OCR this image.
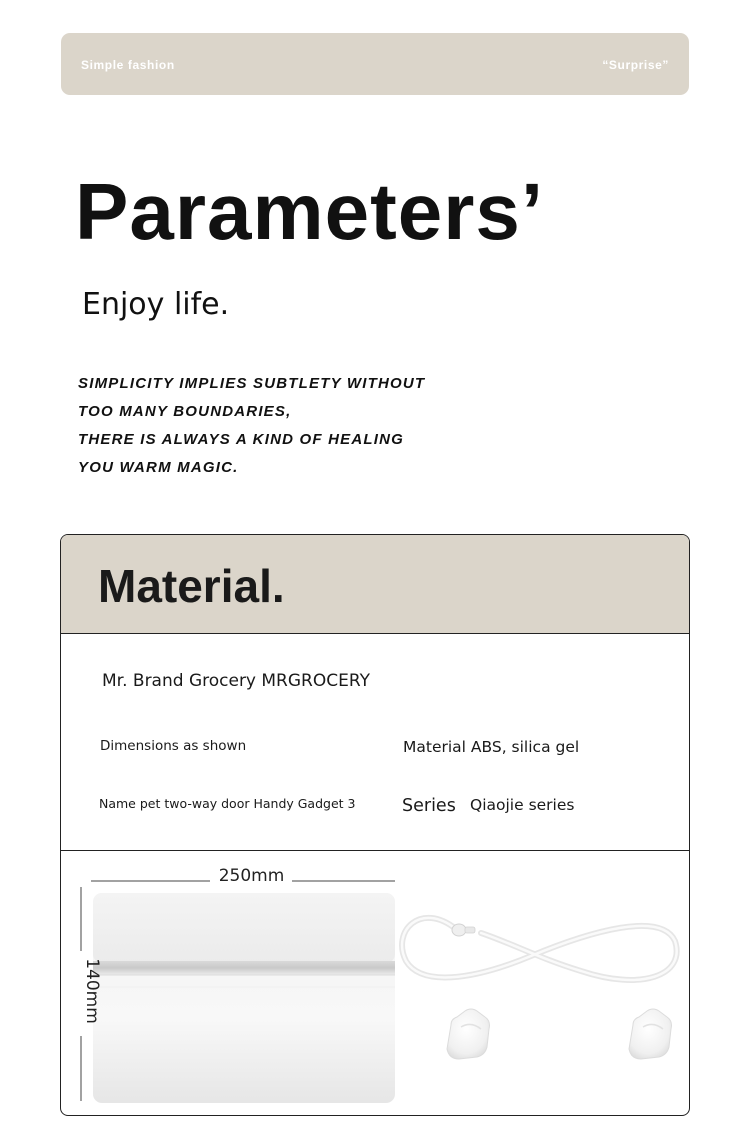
Simple fashion	“Surprise”
Parameters’
Enjoy life.
SIMPLICITY IMPLIES SUBTLETY WITHOUT
TOO MANY BOUNDARIES,
THERE IS ALWAYS A KIND OF HEALING
YOU WARM MAGIC.
Material.
Mr. Brand Grocery MRGROCERY
Dimensions as shown	Material ABS, silica gel
Name pet two-way door Handy Gadget 3	Series Qiaojie series
250mm
140mm
